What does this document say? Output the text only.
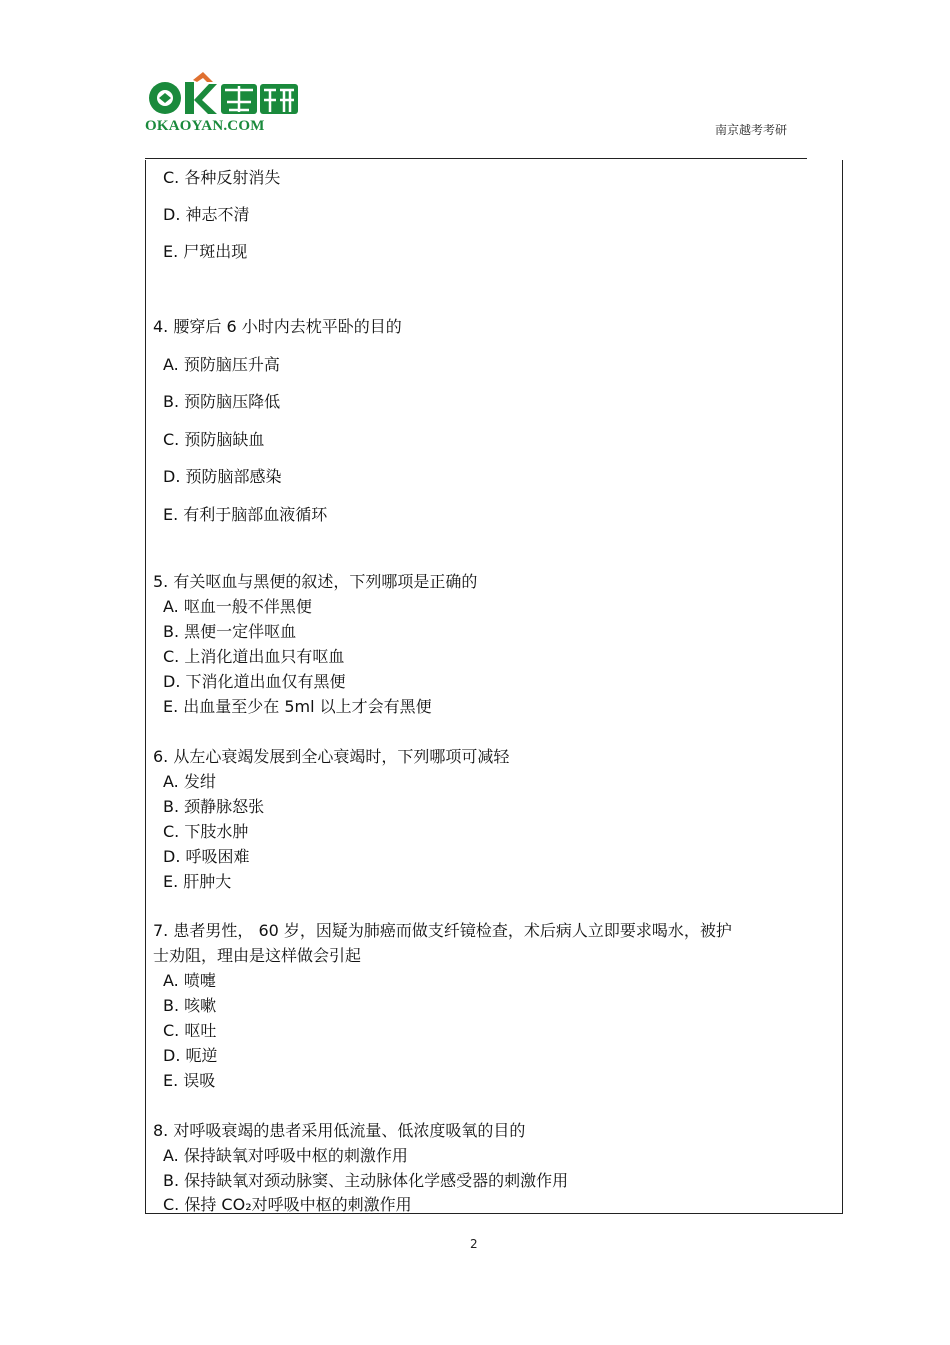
OKAOYAN.COM	南京越考考研
C. 各种反射消失
D. 神志不清
E. 尸斑出现
4. 腰穿后 6 小时内去枕平卧的目的
A. 预防脑压升高
B. 预防脑压降低
C. 预防脑缺血
D. 预防脑部感染
E. 有利于脑部血液循环
5. 有关呕血与黑便的叙述，下列哪项是正确的
A. 呕血一般不伴黑便
B. 黑便一定伴呕血
C. 上消化道出血只有呕血
D. 下消化道出血仅有黑便
E. 出血量至少在 5ml 以上才会有黑便
6. 从左心衰竭发展到全心衰竭时，下列哪项可减轻
A. 发绀
B. 颈静脉怒张
C. 下肢水肿
D. 呼吸困难
E. 肝肿大
7. 患者男性， 60 岁，因疑为肺癌而做支纤镜检查，术后病人立即要求喝水，被护
士劝阻，理由是这样做会引起
A. 喷嚏
B. 咳嗽
C. 呕吐
D. 呃逆
E. 误吸
8. 对呼吸衰竭的患者采用低流量、低浓度吸氧的目的
A. 保持缺氧对呼吸中枢的刺激作用
B. 保持缺氧对颈动脉窦、主动脉体化学感受器的刺激作用
C. 保持 CO₂对呼吸中枢的刺激作用
2
